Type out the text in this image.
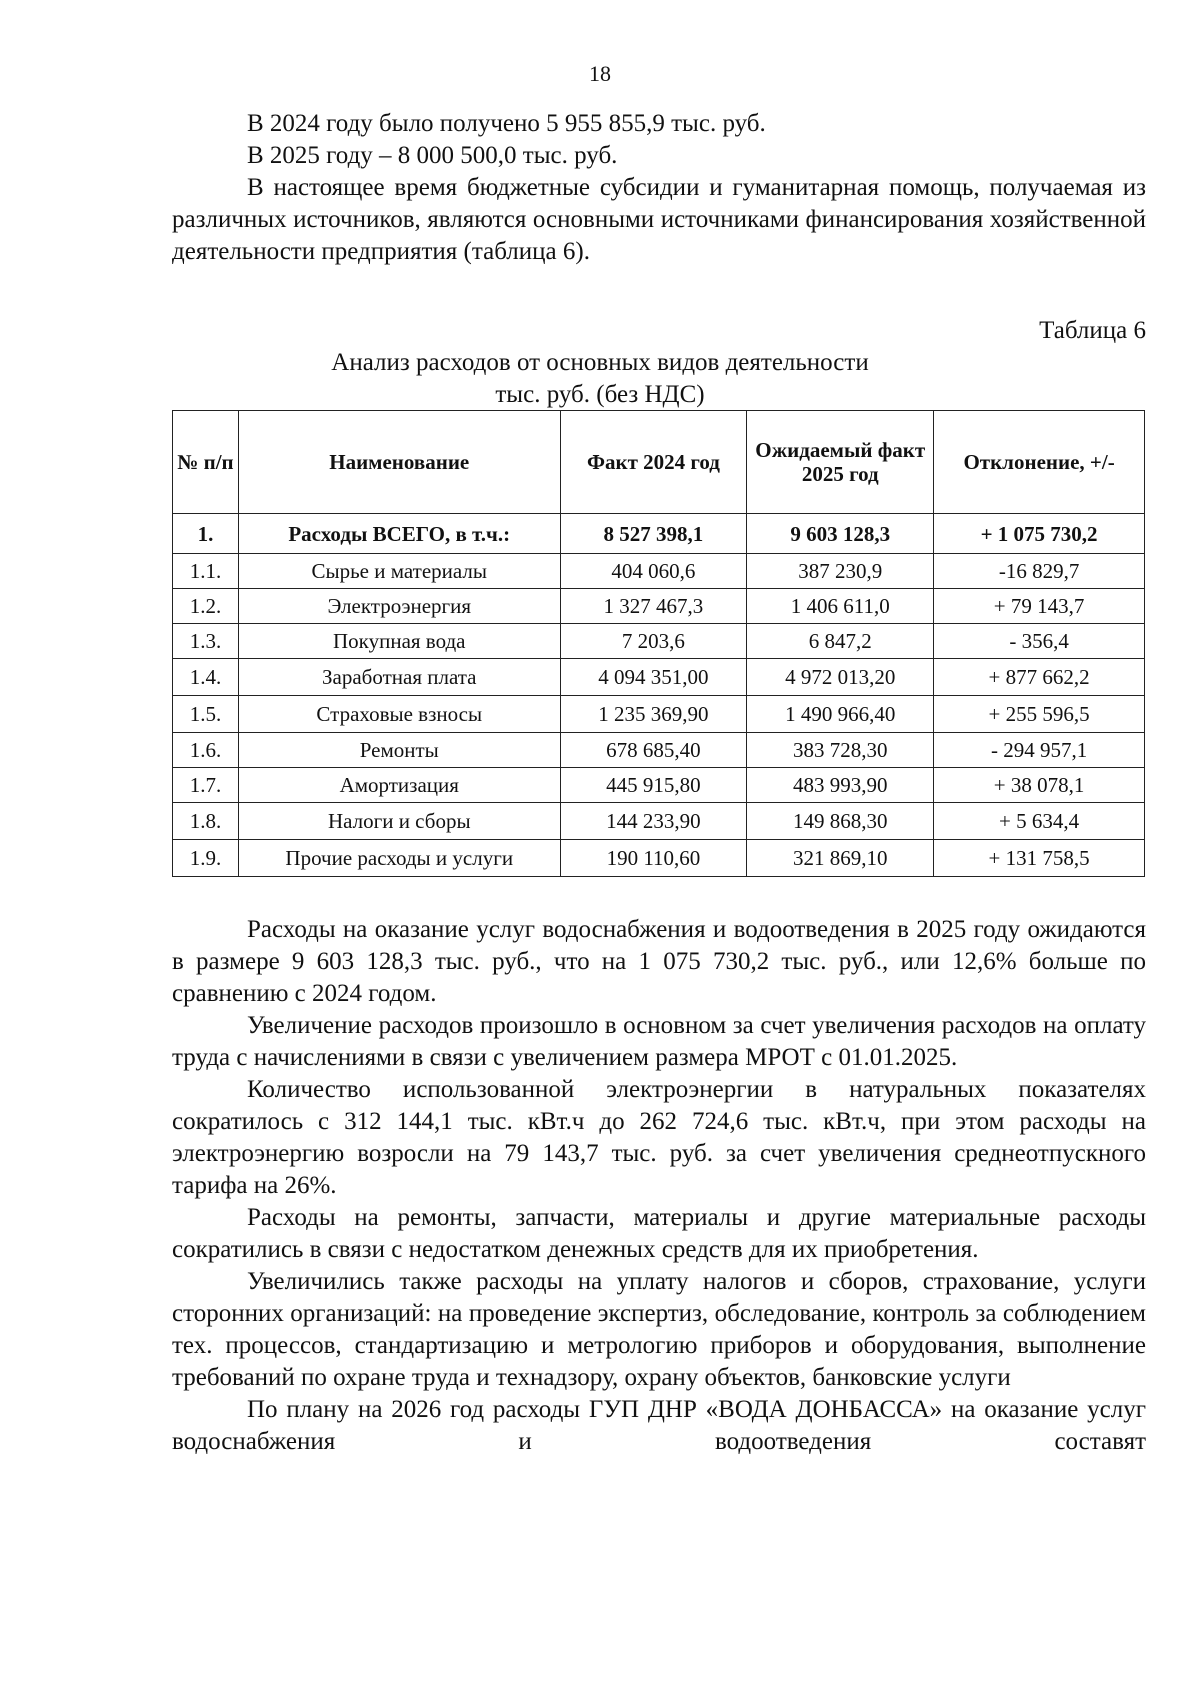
18

В 2024 году было получено 5 955 855,9 тыс. руб.

В 2025 году – 8 000 500,0 тыс. руб.

В настоящее время бюджетные субсидии и гуманитарная помощь, получаемая из различных источников, являются основными источниками финансирования хозяйственной деятельности предприятия (таблица 6).

Таблица 6
Анализ расходов от основных видов деятельности
тыс. руб. (без НДС)
№ п/п	Наименование	Факт 2024 год	Ожидаемый факт 2025 год	Отклонение, +/-
1.	Расходы ВСЕГО, в т.ч.:	8 527 398,1	9 603 128,3	+ 1 075 730,2
1.1.	Сырье и материалы	404 060,6	387 230,9	-16 829,7
1.2.	Электроэнергия	1 327 467,3	1 406 611,0	+ 79 143,7
1.3.	Покупная вода	7 203,6	6 847,2	- 356,4
1.4.	Заработная плата	4 094 351,00	4 972 013,20	+ 877 662,2
1.5.	Страховые взносы	1 235 369,90	1 490 966,40	+ 255 596,5
1.6.	Ремонты	678 685,40	383 728,30	- 294 957,1
1.7.	Амортизация	445 915,80	483 993,90	+ 38 078,1
1.8.	Налоги и сборы	144 233,90	149 868,30	+ 5 634,4
1.9.	Прочие расходы и услуги	190 110,60	321 869,10	+ 131 758,5

Расходы на оказание услуг водоснабжения и водоотведения в 2025 году ожидаются в размере 9 603 128,3 тыс. руб., что на 1 075 730,2 тыс. руб., или 12,6% больше по сравнению с 2024 годом.

Увеличение расходов произошло в основном за счет увеличения расходов на оплату труда с начислениями в связи с увеличением размера МРОТ с 01.01.2025.

Количество использованной электроэнергии в натуральных показателях сократилось с 312 144,1 тыс. кВт.ч до 262 724,6 тыс. кВт.ч, при этом расходы на электроэнергию возросли на 79 143,7 тыс. руб. за счет увеличения среднеотпускного тарифа на 26%.

Расходы на ремонты, запчасти, материалы и другие материальные расходы сократились в связи с недостатком денежных средств для их приобретения.

Увеличились также расходы на уплату налогов и сборов, страхование, услуги сторонних организаций: на проведение экспертиз, обследование, контроль за соблюдением тех. процессов, стандартизацию и метрологию приборов и оборудования, выполнение требований по охране труда и технадзору, охрану объектов, банковские услуги

По плану на 2026 год расходы ГУП ДНР «ВОДА ДОНБАССА» на оказание услуг водоснабжения и водоотведения составят
